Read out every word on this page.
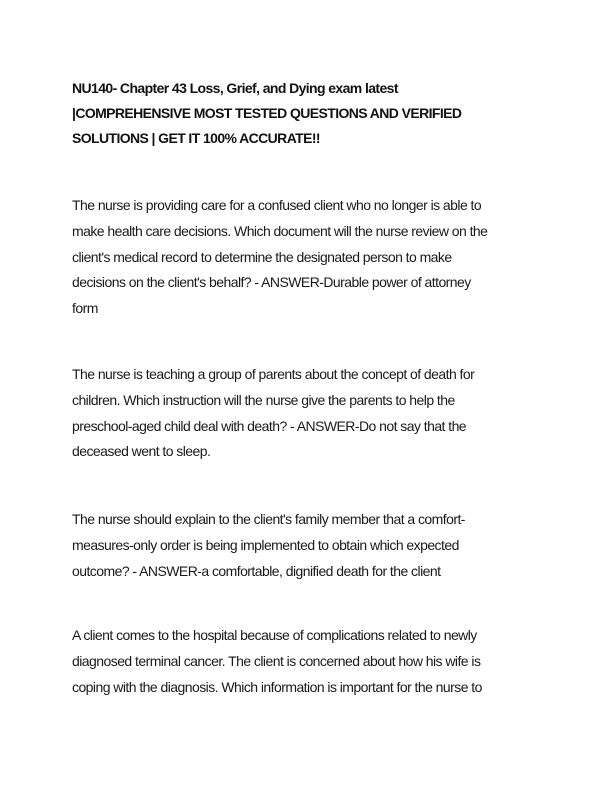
NU140- Chapter 43 Loss, Grief, and Dying exam latest
|COMPREHENSIVE MOST TESTED QUESTIONS AND VERIFIED
SOLUTIONS | GET IT 100% ACCURATE!!

The nurse is providing care for a confused client who no longer is able to
make health care decisions. Which document will the nurse review on the
client's medical record to determine the designated person to make
decisions on the client's behalf? - ANSWER-Durable power of attorney
form

The nurse is teaching a group of parents about the concept of death for
children. Which instruction will the nurse give the parents to help the
preschool-aged child deal with death? - ANSWER-Do not say that the
deceased went to sleep.

The nurse should explain to the client's family member that a comfort-
measures-only order is being implemented to obtain which expected
outcome? - ANSWER-a comfortable, dignified death for the client

A client comes to the hospital because of complications related to newly
diagnosed terminal cancer. The client is concerned about how his wife is
coping with the diagnosis. Which information is important for the nurse to
